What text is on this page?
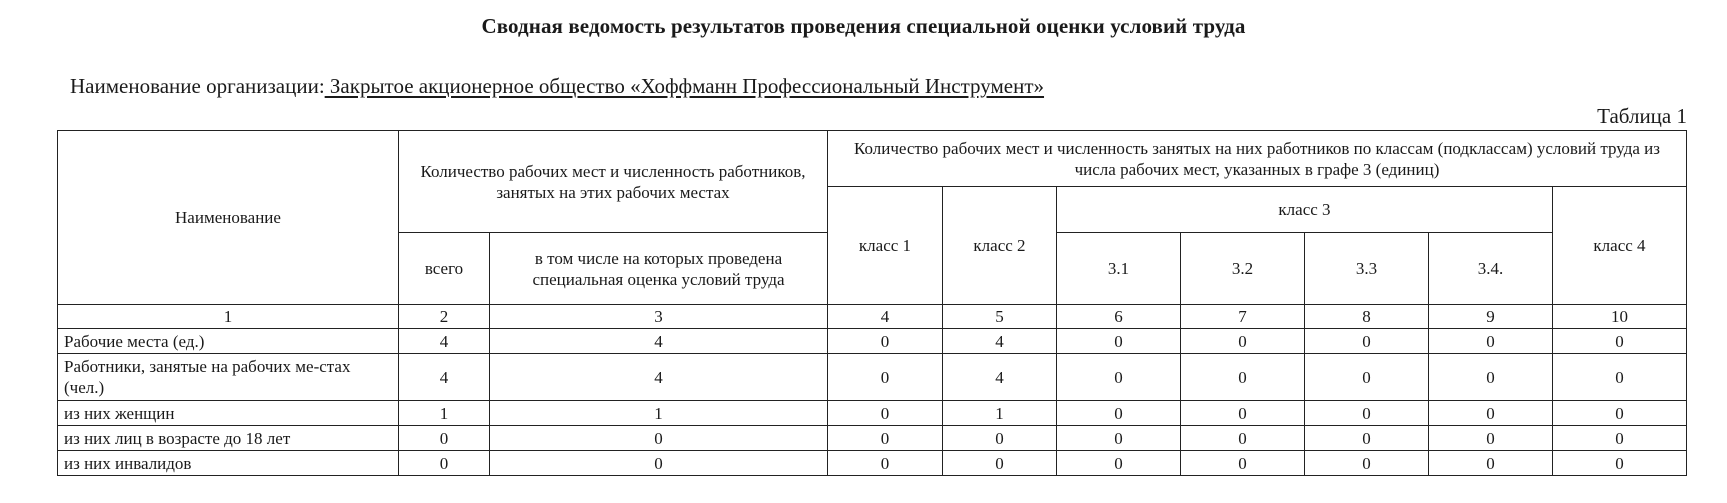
Сводная ведомость результатов проведения специальной оценки условий труда
Наименование организации: Закрытое акционерное общество «Хоффманн Профессиональный Инструмент»
Таблица 1
Наименование	Количество рабочих мест и численность работников, занятых на этих рабочих местах		Количество рабочих мест и численность занятых на них работников по классам (подклассам) условий труда из числа рабочих мест, указанных в графе 3 (единиц)						
			класс 1	класс 2	класс 3				класс 4
	всего	в том числе на которых проведена специальная оценка условий труда			3.1	3.2	3.3	3.4.	
1	2	3	4	5	6	7	8	9	10
Рабочие места (ед.)	4	4	0	4	0	0	0	0	0
Работники, занятые на рабочих ме-стах (чел.)	4	4	0	4	0	0	0	0	0
из них женщин	1	1	0	1	0	0	0	0	0
из них лиц в возрасте до 18 лет	0	0	0	0	0	0	0	0	0
из них инвалидов	0	0	0	0	0	0	0	0	0
